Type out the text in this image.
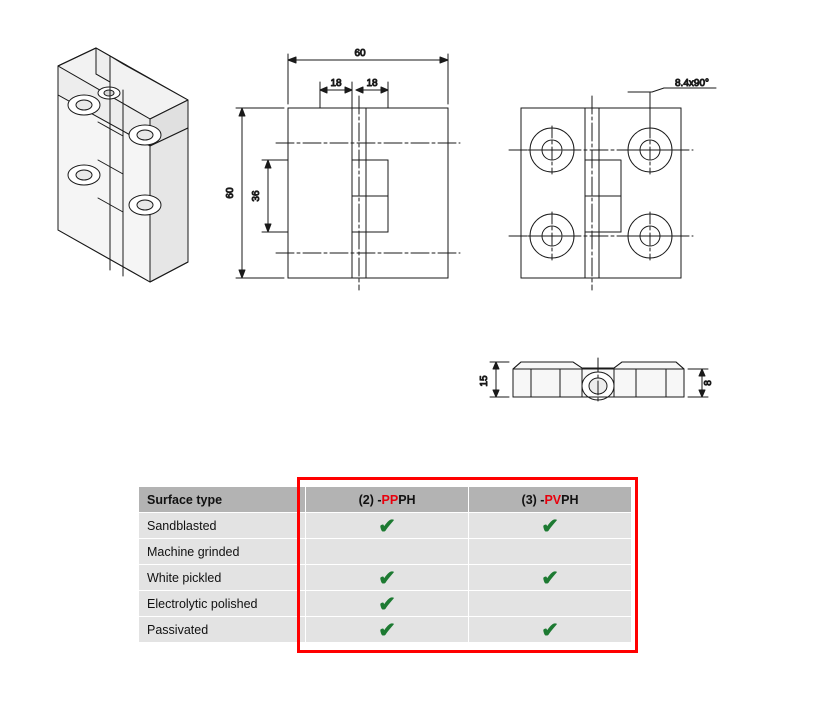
60
18 18
60 36
8.4x90°
15	8
Surface type	(2) -PPPH	(3) -PVPH
Sandblasted	✔	✔
Machine grinded		
White pickled	✔	✔
Electrolytic polished	✔	
Passivated	✔	✔
